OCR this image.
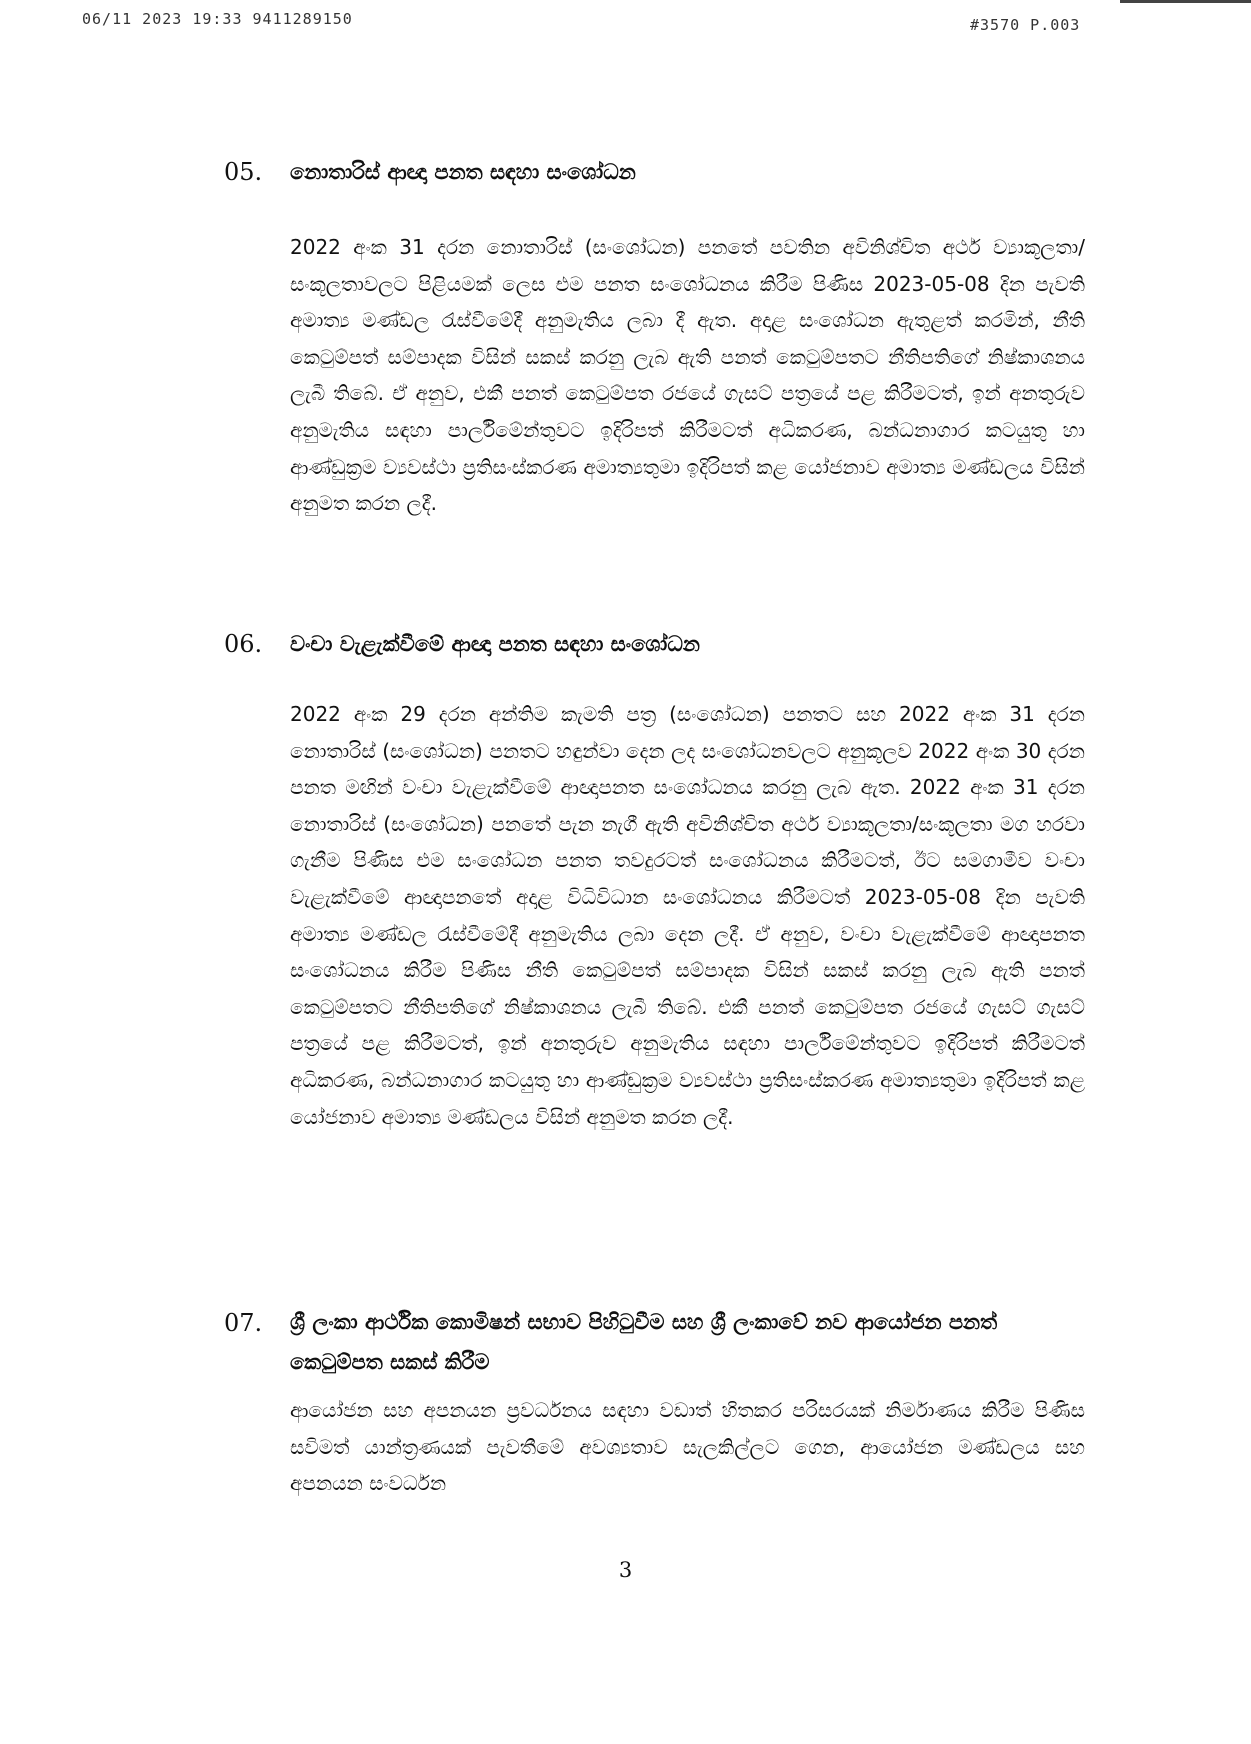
06/11 2023 19:33 9411289150	#3570 P.003
05. නොතාරිස් ආඥා පනත සඳහා සංශෝධන
2022 අංක 31 දරන නොතාරිස් (සංශෝධන) පනතේ පවතින අවිනිශ්චිත අර්ථ ව්‍යාකූලතා/සංකූලතාවලට පිළියමක් ලෙස එම පනත සංශෝධනය කිරීම පිණිස 2023-05-08 දින පැවති අමාත්‍ය මණ්ඩල රැස්වීමේදී අනුමැතිය ලබා දී ඇත. අදාළ සංශෝධන ඇතුළත් කරමින්, නීති කෙටුම්පත් සම්පාදක විසින් සකස් කරනු ලැබ ඇති පනත් කෙටුම්පතට නීතිපතිගේ නිෂ්කාශනය ලැබී තිබේ. ඒ අනුව, එකී පනත් කෙටුම්පත රජයේ ගැසට් පත්‍රයේ පළ කිරීමටත්, ඉන් අනතුරුව අනුමැතිය සඳහා පාර්ලිමේන්තුවට ඉදිරිපත් කිරීමටත් අධිකරණ, බන්ධනාගාර කටයුතු හා ආණ්ඩුක්‍රම ව්‍යවස්ථා ප්‍රතිසංස්කරණ අමාත්‍යතුමා ඉදිරිපත් කළ යෝජනාව අමාත්‍ය මණ්ඩලය විසින් අනුමත කරන ලදී.
06. වංචා වැළැක්වීමේ ආඥා පනත සඳහා සංශෝධන
2022 අංක 29 දරන අන්තිම කැමති පත්‍ර (සංශෝධන) පනතට සහ 2022 අංක 31 දරන නොතාරිස් (සංශෝධන) පනතට හඳුන්වා දෙන ලද සංශෝධනවලට අනුකූලව 2022 අංක 30 දරන පනත මඟින් වංචා වැළැක්වීමේ ආඥාපනත සංශෝධනය කරනු ලැබ ඇත. 2022 අංක 31 දරන නොතාරිස් (සංශෝධන) පනතේ පැන නැගී ඇති අවිනිශ්චිත අර්ථ ව්‍යාකූලතා/සංකූලතා මග හරවා ගැනීම පිණිස එම සංශෝධන පනත තවදුරටත් සංශෝධනය කිරීමටත්, ඊට සමගාමීව වංචා වැළැක්වීමේ ආඥාපනතේ අදාළ විධිවිධාන සංශෝධනය කිරීමටත් 2023-05-08 දින පැවති අමාත්‍ය මණ්ඩල රැස්වීමේදී අනුමැතිය ලබා දෙන ලදී. ඒ අනුව, වංචා වැළැක්වීමේ ආඥාපනත සංශෝධනය කිරීම පිණිස නීති කෙටුම්පත් සම්පාදක විසින් සකස් කරනු ලැබ ඇති පනත් කෙටුම්පතට නීතිපතිගේ නිෂ්කාශනය ලැබී තිබේ. එකී පනත් කෙටුම්පත රජයේ ගැසට් ගැසට් පත්‍රයේ පළ කිරීමටත්, ඉන් අනතුරුව අනුමැතිය සඳහා පාර්ලිමේන්තුවට ඉදිරිපත් කිරීමටත් අධිකරණ, බන්ධනාගාර කටයුතු හා ආණ්ඩුක්‍රම ව්‍යවස්ථා ප්‍රතිසංස්කරණ අමාත්‍යතුමා ඉදිරිපත් කළ යෝජනාව අමාත්‍ය මණ්ඩලය විසින් අනුමත කරන ලදී.
07. ශ්‍රී ලංකා ආර්ථික කොමිෂන් සභාව පිහිටුවීම සහ ශ්‍රී ලංකාවේ නව ආයෝජන පනත් කෙටුම්පත සකස් කිරීම
ආයෝජන සහ අපනයන ප්‍රවර්ධනය සඳහා වඩාත් හිතකර පරිසරයක් නිර්මාණය කිරීම පිණිස සවිමත් යාන්ත්‍රණයක් පැවතීමේ අවශ්‍යතාව සැලකිල්ලට ගෙන, ආයෝජන මණ්ඩලය සහ අපනයන සංවර්ධන
3
